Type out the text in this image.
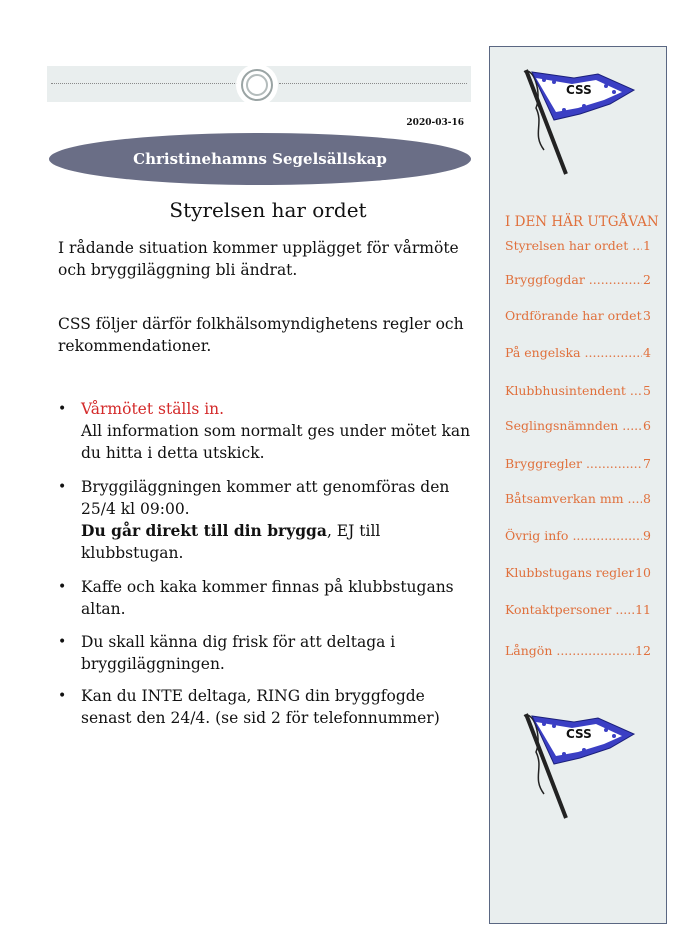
2020-03-16
Christinehamns Segelsällskap
Styrelsen har ordet
I rådande situation kommer upplägget för vårmöte och bryggiläggning bli ändrat.
CSS följer därför folkhälsomyndighetens regler och rekommendationer.
• Vårmötet ställs in.
All information som normalt ges under mötet kan du hitta i detta utskick.
• Bryggiläggningen kommer att genomföras den 25/4 kl 09:00.
Du går direkt till din brygga, EJ till klubbstugan.
• Kaffe och kaka kommer finnas på klubbstugans altan.
• Du skall känna dig frisk för att deltaga i bryggiläggningen.
• Kan du INTE deltaga, RING din bryggfogde senast den 24/4. (se sid 2 för telefonnummer)
CSS
I DEN HÄR UTGÅVAN
Styrelsen har ordet ..... 1
Bryggfogdar .....	2
Ordförande har ordet ..... 3
På engelska .....	4
Klubbhusintendent ..... 5
Seglingsnämnden ..... 6
Bryggregler .....	7
Båtsamverkan mm ..... 8
Övrig info .....	9
Klubbstugans regler ..... 10
Kontaktpersoner ..... 11
Långön .....	12
CSS
